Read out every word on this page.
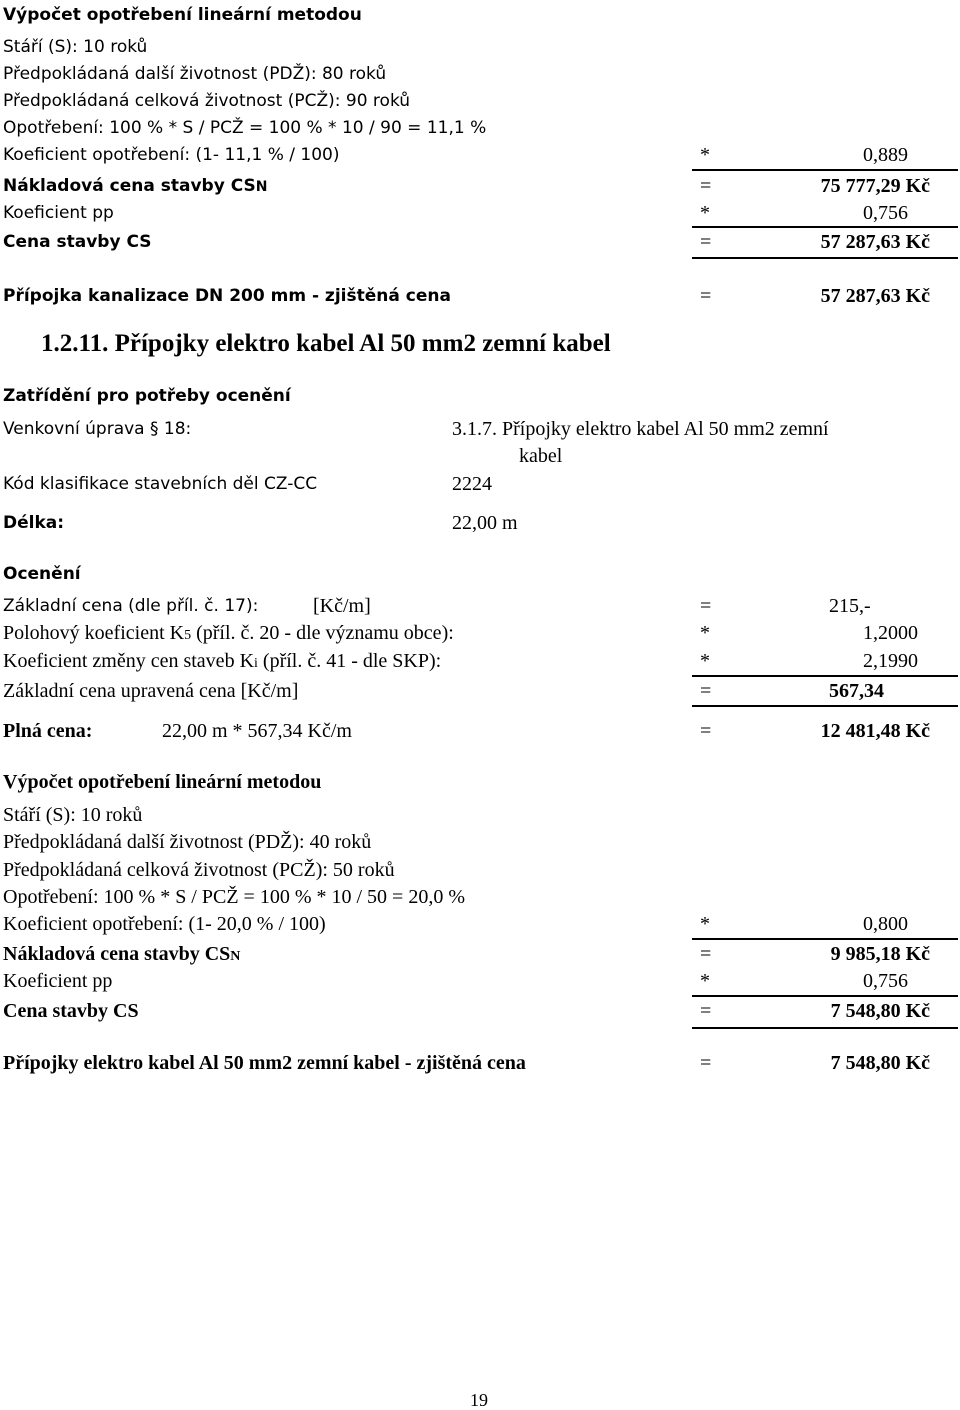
Výpočet opotřebení lineární metodou
Stáří (S): 10 roků
Předpokládaná další životnost (PDŽ): 80 roků
Předpokládaná celková životnost (PCŽ): 90 roků
Opotřebení: 100 % * S / PCŽ = 100 % * 10 / 90 = 11,1 %
Koeficient opotřebení: (1- 11,1 % / 100)	*	0,889
Nákladová cena stavby CSN	=	75 777,29 Kč
Koeficient pp	*	0,756
Cena stavby CS	=	57 287,63 Kč
Přípojka kanalizace DN 200 mm - zjištěná cena	=	57 287,63 Kč
1.2.11. Přípojky elektro kabel Al 50 mm2 zemní kabel
Zatřídění pro potřeby ocenění
Venkovní úprava § 18:	3.1.7. Přípojky elektro kabel Al 50 mm2 zemní
kabel
Kód klasifikace stavebních děl CZ-CC	2224
Délka:	22,00 m
Ocenění
Základní cena (dle příl. č. 17):	[Kč/m]	=	215,-
Polohový koeficient K5 (příl. č. 20 - dle významu obce):	*	1,2000
Koeficient změny cen staveb Ki (příl. č. 41 - dle SKP):	*	2,1990
Základní cena upravená cena [Kč/m]	=	567,34
Plná cena:	22,00 m * 567,34 Kč/m	=	12 481,48 Kč
Výpočet opotřebení lineární metodou
Stáří (S): 10 roků
Předpokládaná další životnost (PDŽ): 40 roků
Předpokládaná celková životnost (PCŽ): 50 roků
Opotřebení: 100 % * S / PCŽ = 100 % * 10 / 50 = 20,0 %
Koeficient opotřebení: (1- 20,0 % / 100)	*	0,800
Nákladová cena stavby CSN	=	9 985,18 Kč
Koeficient pp	*	0,756
Cena stavby CS	=	7 548,80 Kč
Přípojky elektro kabel Al 50 mm2 zemní kabel - zjištěná cena	=	7 548,80 Kč
19
